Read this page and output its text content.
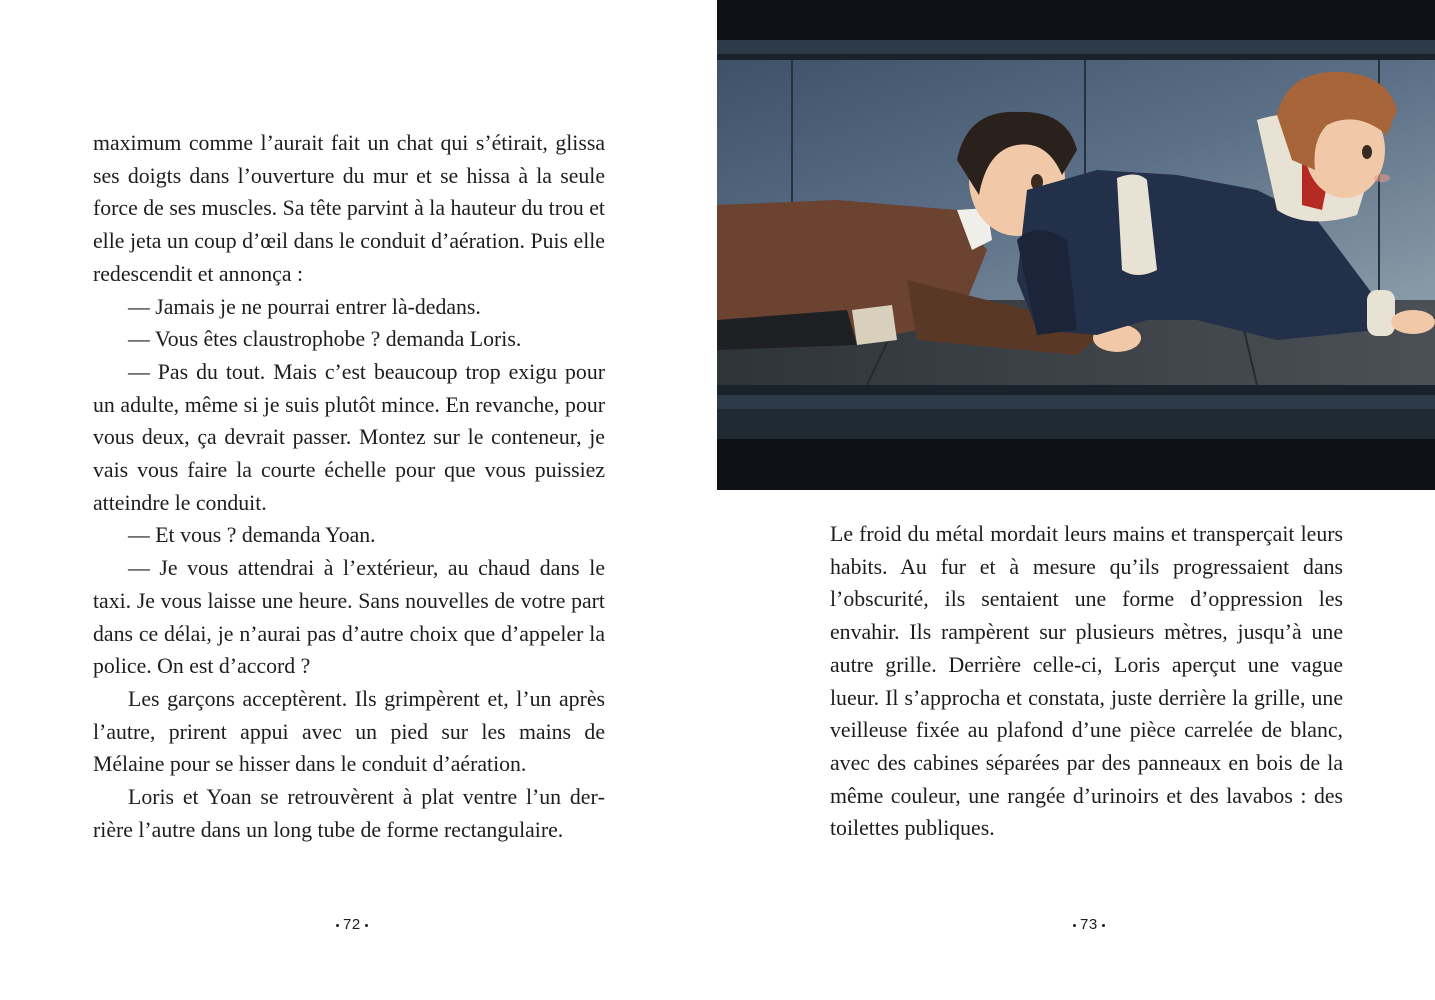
maximum comme l’aurait fait un chat qui s’étirait, glissa ses doigts dans l’ouverture du mur et se hissa à la seule force de ses muscles. Sa tête parvint à la hauteur du trou et elle jeta un coup d’œil dans le conduit d’aération. Puis elle redescendit et annonça :

— Jamais je ne pourrai entrer là-dedans.

— Vous êtes claustrophobe ? demanda Loris.

— Pas du tout. Mais c’est beaucoup trop exigu pour un adulte, même si je suis plutôt mince. En revanche, pour vous deux, ça devrait passer. Montez sur le conteneur, je vais vous faire la courte échelle pour que vous puissiez atteindre le conduit.

— Et vous ? demanda Yoan.

— Je vous attendrai à l’extérieur, au chaud dans le taxi. Je vous laisse une heure. Sans nouvelles de votre part dans ce délai, je n’aurai pas d’autre choix que d’appeler la police. On est d’accord ?

Les garçons acceptèrent. Ils grimpèrent et, l’un après l’autre, prirent appui avec un pied sur les mains de Mélaine pour se hisser dans le conduit d’aération.

Loris et Yoan se retrouvèrent à plat ventre l’un derrière l’autre dans un long tube de forme rectangulaire.

72

Le froid du métal mordait leurs mains et transperçait leurs habits. Au fur et à mesure qu’ils progressaient dans l’obscurité, ils sentaient une forme d’oppression les envahir. Ils rampèrent sur plusieurs mètres, jusqu’à une autre grille. Derrière celle-ci, Loris aperçut une vague lueur. Il s’approcha et constata, juste derrière la grille, une veilleuse fixée au plafond d’une pièce carrelée de blanc, avec des cabines séparées par des panneaux en bois de la même couleur, une rangée d’urinoirs et des lavabos : des toilettes publiques.

73
